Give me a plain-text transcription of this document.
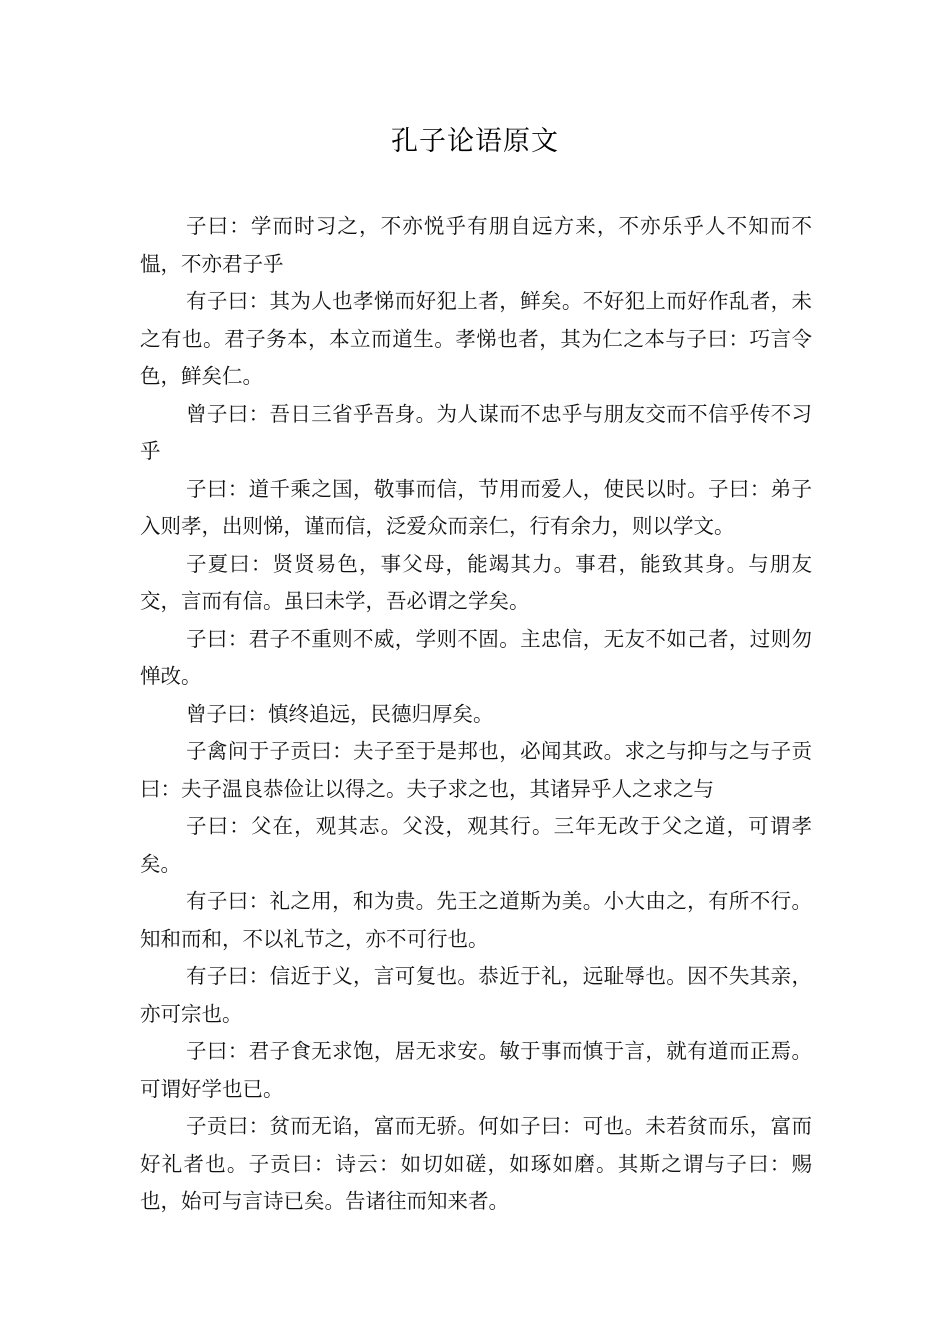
孔子论语原文

子曰：学而时习之，不亦悦乎有朋自远方来，不亦乐乎人不知而不愠，不亦君子乎

有子曰：其为人也孝悌而好犯上者，鲜矣。不好犯上而好作乱者，未之有也。君子务本，本立而道生。孝悌也者，其为仁之本与子曰：巧言令色，鲜矣仁。

曾子曰：吾日三省乎吾身。为人谋而不忠乎与朋友交而不信乎传不习乎

子曰：道千乘之国，敬事而信，节用而爱人，使民以时。子曰：弟子入则孝，出则悌，谨而信，泛爱众而亲仁，行有余力，则以学文。

子夏曰：贤贤易色，事父母，能竭其力。事君，能致其身。与朋友交，言而有信。虽曰未学，吾必谓之学矣。

子曰：君子不重则不威，学则不固。主忠信，无友不如己者，过则勿惮改。

曾子曰：慎终追远，民德归厚矣。

子禽问于子贡曰：夫子至于是邦也，必闻其政。求之与抑与之与子贡曰：夫子温良恭俭让以得之。夫子求之也，其诸异乎人之求之与

子曰：父在，观其志。父没，观其行。三年无改于父之道，可谓孝矣。

有子曰：礼之用，和为贵。先王之道斯为美。小大由之，有所不行。知和而和，不以礼节之，亦不可行也。

有子曰：信近于义，言可复也。恭近于礼，远耻辱也。因不失其亲，亦可宗也。

子曰：君子食无求饱，居无求安。敏于事而慎于言，就有道而正焉。可谓好学也已。

子贡曰：贫而无谄，富而无骄。何如子曰：可也。未若贫而乐，富而好礼者也。子贡曰：诗云：如切如磋，如琢如磨。其斯之谓与子曰：赐也，始可与言诗已矣。告诸往而知来者。
